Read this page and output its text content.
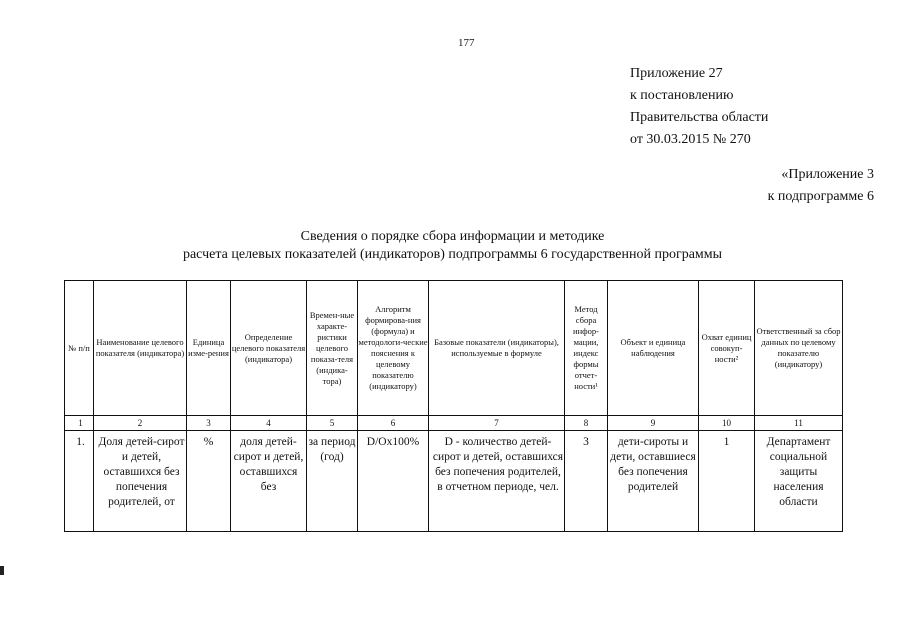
177
Приложение 27
к постановлению
Правительства области
от 30.03.2015 № 270
«Приложение 3
к подпрограмме 6
Сведения о порядке сбора информации и методике
расчета целевых показателей (индикаторов) подпрограммы 6 государственной программы
№ п/п	Наименование целевого показателя (индикатора)	Единица изме-рения	Определение целевого показателя (индикатора)	Времен-ные характе-ристики целевого показа-теля (индика-тора)	Алгоритм формирова-ния (формула) и методологи-ческие пояснения к целевому показателю (индикатору)	Базовые показатели (индикаторы), используемые в формуле	Метод сбора инфор-мации, индекс формы отчет-ности¹	Объект и единица наблюдения	Охват единиц совокуп-ности²	Ответственный за сбор данных по целевому показателю (индикатору)
1	2	3	4	5	6	7	8	9	10	11
1.	Доля детей-сирот и детей, оставшихся без попечения родителей, от	%	доля детей-сирот и детей, оставшихся без	за период (год)	D/Ox100%	D - количество детей-сирот и детей, оставшихся без попечения родителей, в отчетном периоде, чел.	3	дети-сироты и дети, оставшиеся без попечения родителей	1	Департамент социальной защиты населения области
